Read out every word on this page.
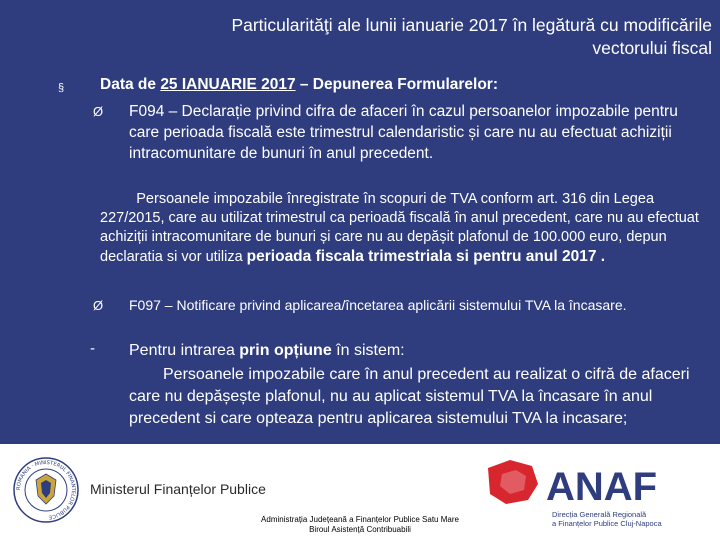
Particularităţi ale lunii ianuarie 2017 în legătură cu modificările
vectorului fiscal
§ Data de 25 IANUARIE 2017 – Depunerea Formularelor:
Ø F094 – Declarație privind cifra de afaceri în cazul persoanelor impozabile pentru care perioada fiscală este trimestrul calendaristic și care nu au efectuat achiziții intracomunitare de bunuri în anul precedent.
Persoanele impozabile înregistrate în scopuri de TVA conform art. 316 din Legea 227/2015, care au utilizat trimestrul ca perioadă fiscală în anul precedent, care nu au efectuat achiziții intracomunitare de bunuri și care nu au depășit plafonul de 100.000 euro, depun declaratia si vor utiliza perioada fiscala trimestriala si pentru anul 2017 .
Ø F097 – Notificare privind aplicarea/încetarea aplicării sistemului TVA la încasare.
- Pentru intrarea prin opțiune în sistem:
Persoanele impozabile care în anul precedent au realizat o cifră de afaceri care nu depășește plafonul, nu au aplicat sistemul TVA la încasare în anul precedent si care opteaza pentru aplicarea sistemului TVA la incasare;
ROMANIA · MINISTERUL FINANTELOR PUBLICE
Ministerul Finanțelor Publice	ANAF
Direcția Generală Regională
a Finanțelor Publice Cluj-Napoca
Administrația Județeană a Finanțelor Publice Satu Mare
Biroul Asistență Contribuabili
